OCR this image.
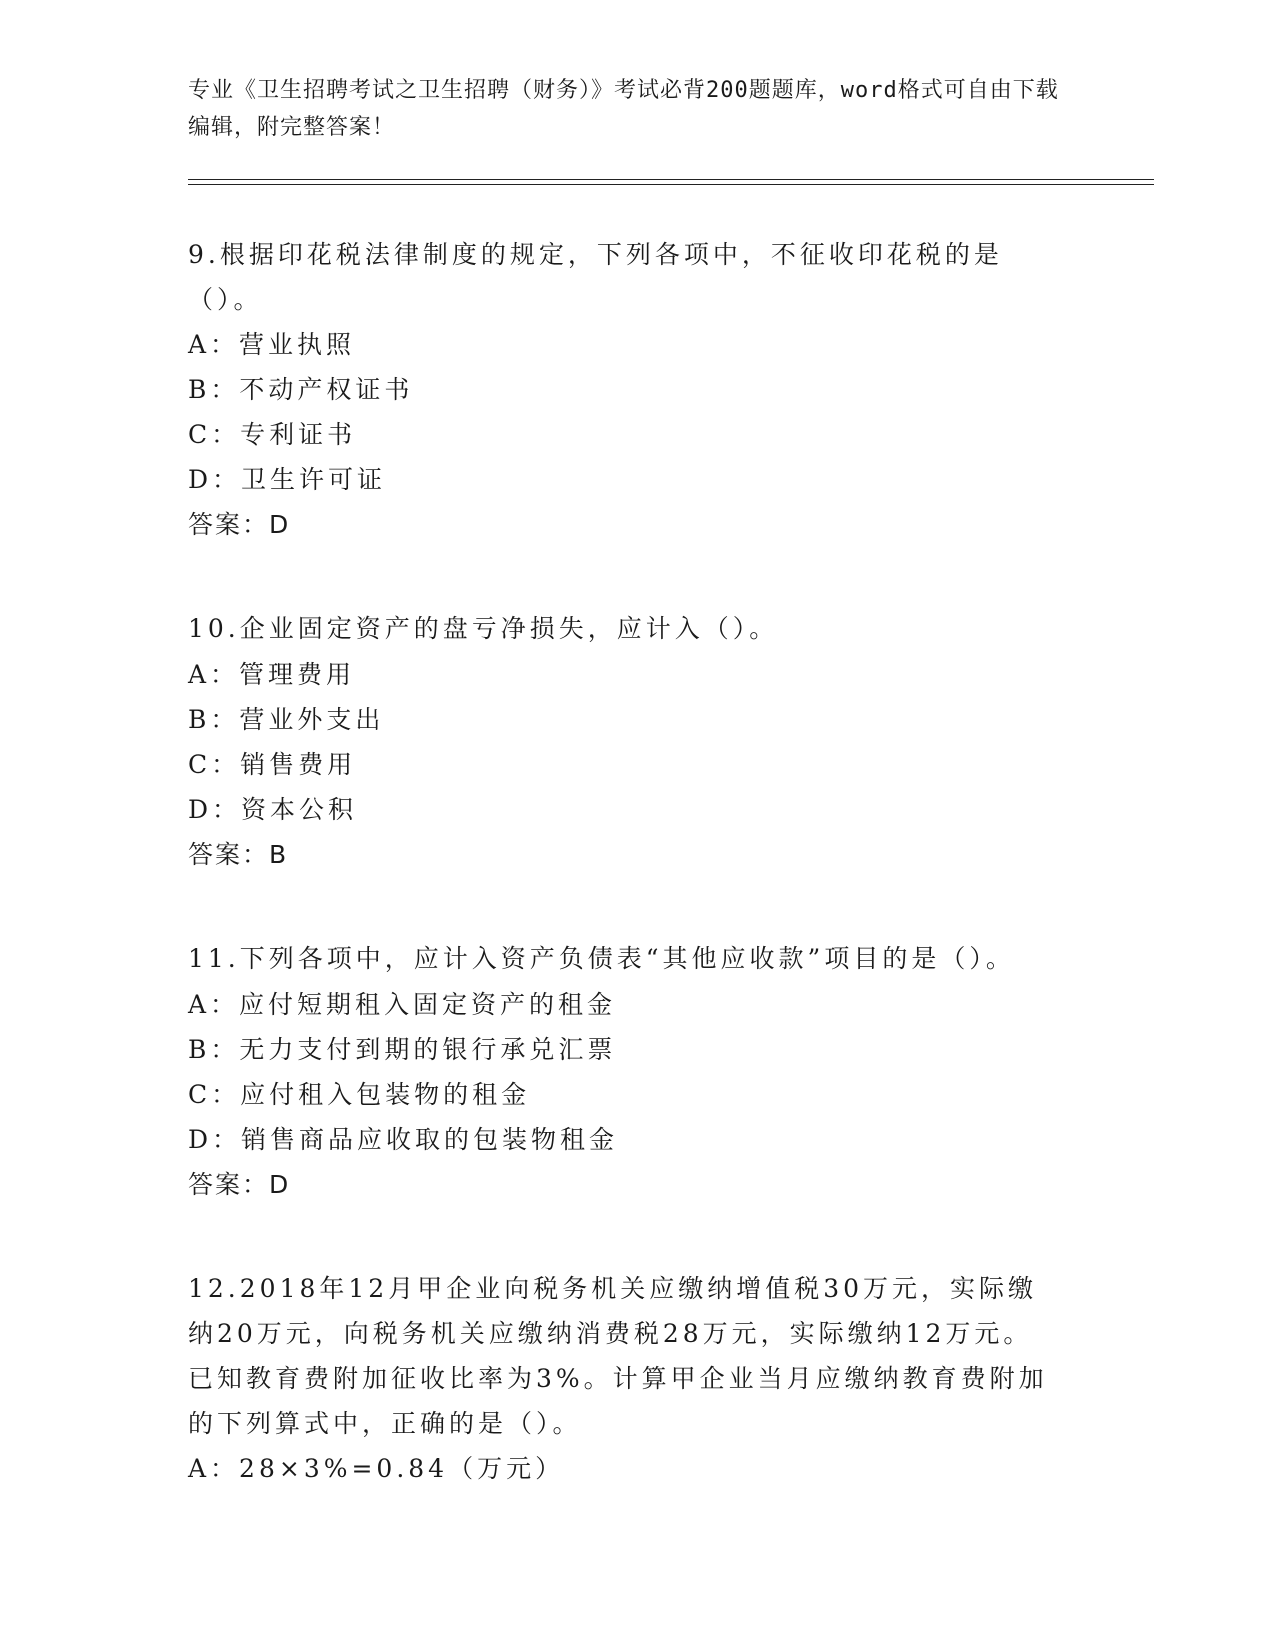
专业《卫生招聘考试之卫生招聘（财务）》考试必背200题题库，word格式可自由下载编辑，附完整答案！

9.根据印花税法律制度的规定，下列各项中，不征收印花税的是（）。

A：营业执照

B：不动产权证书

C：专利证书

D：卫生许可证

答案：D

10.企业固定资产的盘亏净损失，应计入（）。

A：管理费用

B：营业外支出

C：销售费用

D：资本公积

答案：B

11.下列各项中，应计入资产负债表“其他应收款”项目的是（）。

A：应付短期租入固定资产的租金

B：无力支付到期的银行承兑汇票

C：应付租入包装物的租金

D：销售商品应收取的包装物租金

答案：D

12.2018年12月甲企业向税务机关应缴纳增值税30万元，实际缴纳20万元，向税务机关应缴纳消费税28万元，实际缴纳12万元。已知教育费附加征收比率为3%。计算甲企业当月应缴纳教育费附加的下列算式中，正确的是（）。

A：28×3%=0.84（万元）
